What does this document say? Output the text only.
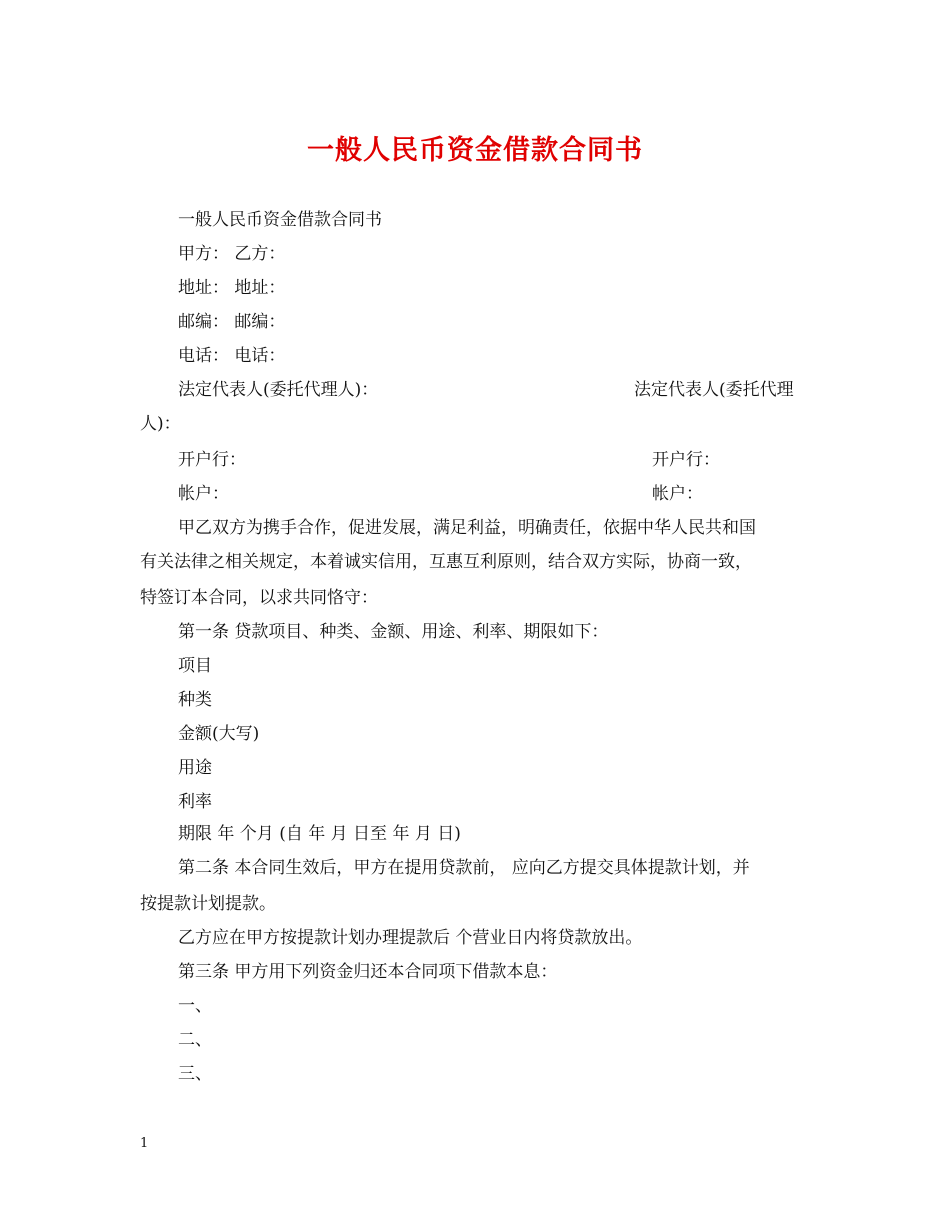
一般人民币资金借款合同书
一般人民币资金借款合同书
甲方： 乙方：
地址： 地址：
邮编： 邮编：
电话： 电话：
法定代表人(委托代理人)：	法定代表人(委托代理
人)：
开户行：	开户行：
帐户：	帐户：
甲乙双方为携手合作，促进发展，满足利益，明确责任，依据中华人民共和国
有关法律之相关规定，本着诚实信用，互惠互利原则，结合双方实际，协商一致，
特签订本合同，以求共同恪守：
第一条 贷款项目、种类、金额、用途、利率、期限如下：
项目
种类
金额(大写)
用途
利率
期限 年 个月 (自 年 月 日至 年 月 日)
第二条 本合同生效后，甲方在提用贷款前， 应向乙方提交具体提款计划，并
按提款计划提款。
乙方应在甲方按提款计划办理提款后 个营业日内将贷款放出。
第三条 甲方用下列资金归还本合同项下借款本息：
一、
二、
三、
1
